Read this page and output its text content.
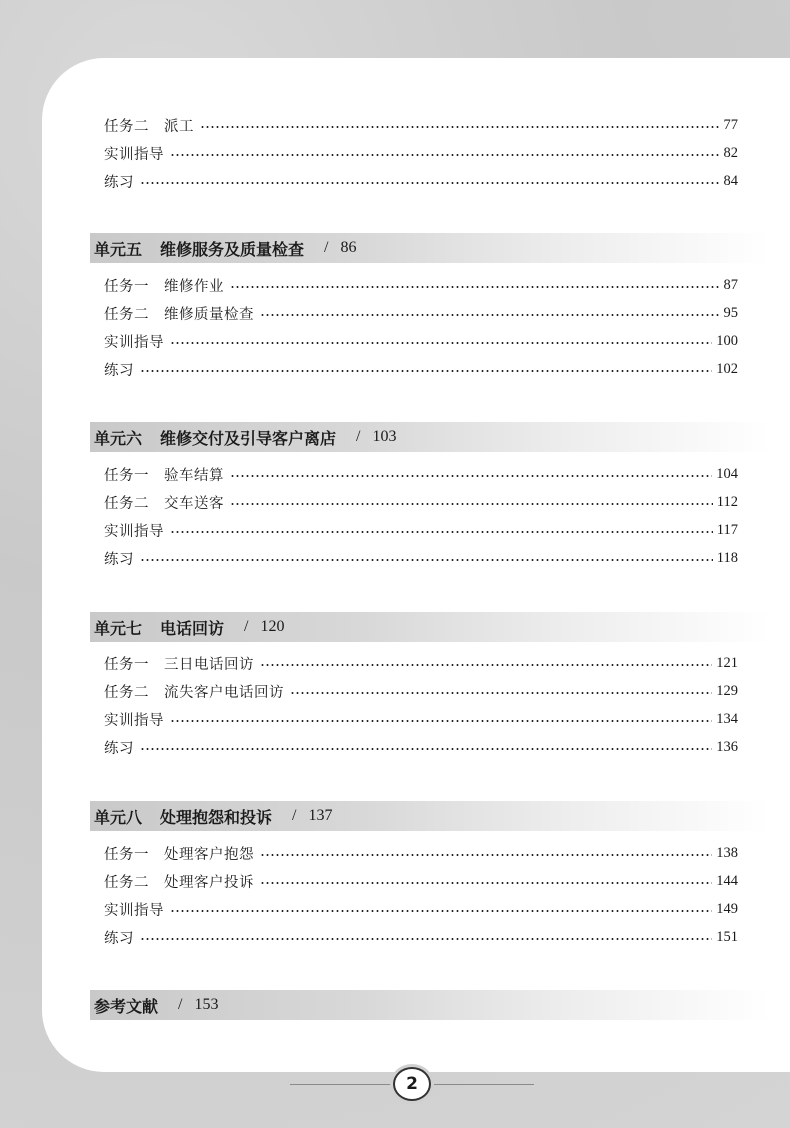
任务二　派工	77
实训指导	82
练习	84
单元五 维修服务及质量检查 / 86
任务一　维修作业	87
任务二　维修质量检查	95
实训指导	100
练习	102
单元六 维修交付及引导客户离店 / 103
任务一　验车结算	104
任务二　交车送客	112
实训指导	117
练习	118
单元七 电话回访 / 120
任务一　三日电话回访	121
任务二　流失客户电话回访	129
实训指导	134
练习	136
单元八 处理抱怨和投诉 / 137
任务一　处理客户抱怨	138
任务二　处理客户投诉	144
实训指导	149
练习	151
参考文献 / 153
2
